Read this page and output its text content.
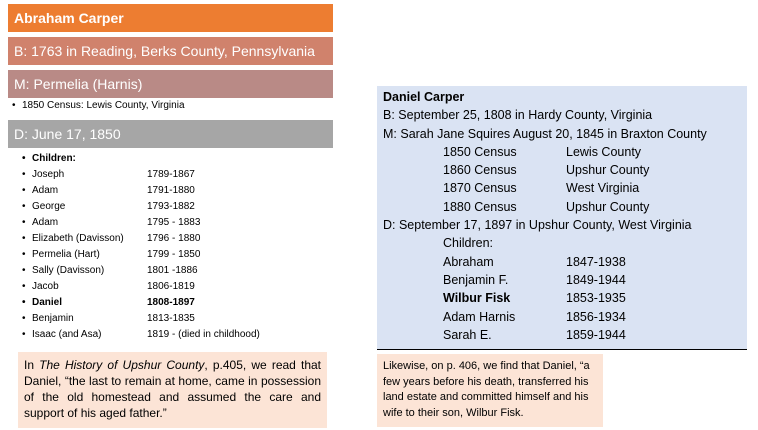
Abraham Carper
B: 1763 in Reading, Berks County, Pennsylvania
M: Permelia (Harnis)
• 1850 Census: Lewis County, Virginia
D: June 17, 1850
• Children:
• Joseph	1789-1867
• Adam	1791-1880
• George	1793-1882
• Adam	1795 - 1883
• Elizabeth (Davisson) 1796 - 1880
• Permelia (Hart)	1799 - 1850
• Sally (Davisson)	1801 -1886
• Jacob	1806-1819
• Daniel	1808-1897
• Benjamin	1813-1835
• Isaac (and Asa)	1819 - (died in childhood)
In The History of Upshur County, p.405, we read that Daniel, “the last to remain at home, came in possession of the old homestead and assumed the care and support of his aged father.”
Daniel Carper
B: September 25, 1808 in Hardy County, Virginia
M: Sarah Jane Squires August 20, 1845 in Braxton County
1850 Census	Lewis County
1860 Census	Upshur County
1870 Census	West Virginia
1880 Census	Upshur County
D: September 17, 1897 in Upshur County, West Virginia
Children:
Abraham	1847-1938
Benjamin F.	1849-1944
Wilbur Fisk	1853-1935
Adam Harnis	1856-1934
Sarah E.	1859-1944
Likewise, on p. 406, we find that Daniel, “a few years before his death, transferred his land estate and committed himself and his wife to their son, Wilbur Fisk.
